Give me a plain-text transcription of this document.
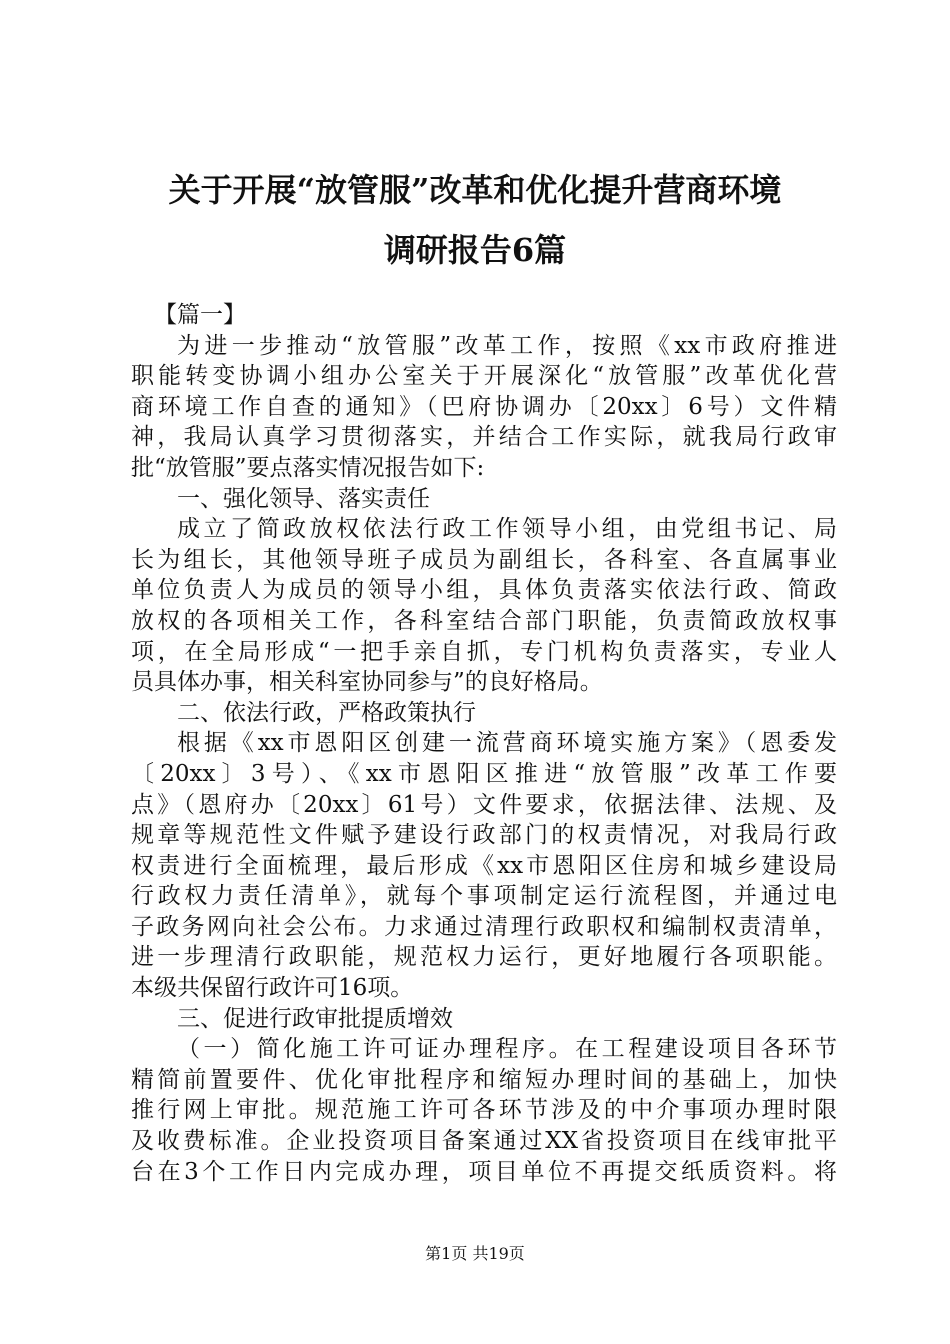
关于开展“放管服”改革和优化提升营商环境
调研报告6篇
【篇一】
为进一步推动“放管服”改革工作，按照《xx市政府推进
职能转变协调小组办公室关于开展深化“放管服”改革优化营
商环境工作自查的通知》（巴府协调办〔20xx〕6号）文件精
神，我局认真学习贯彻落实，并结合工作实际，就我局行政审
批“放管服”要点落实情况报告如下:
一、强化领导、落实责任
成立了简政放权依法行政工作领导小组，由党组书记、局
长为组长，其他领导班子成员为副组长，各科室、各直属事业
单位负责人为成员的领导小组，具体负责落实依法行政、简政
放权的各项相关工作，各科室结合部门职能，负责简政放权事
项，在全局形成“一把手亲自抓，专门机构负责落实，专业人
员具体办事，相关科室协同参与”的良好格局。
二、依法行政，严格政策执行
根据《xx市恩阳区创建一流营商环境实施方案》（恩委发
〔20xx〕3号）、《xx市恩阳区推进“放管服”改革工作要
点》（恩府办〔20xx〕61号）文件要求，依据法律、法规、及
规章等规范性文件赋予建设行政部门的权责情况，对我局行政
权责进行全面梳理，最后形成《xx市恩阳区住房和城乡建设局
行政权力责任清单》，就每个事项制定运行流程图，并通过电
子政务网向社会公布。力求通过清理行政职权和编制权责清单，
进一步理清行政职能，规范权力运行，更好地履行各项职能。
本级共保留行政许可16项。
三、促进行政审批提质增效
（一）简化施工许可证办理程序。在工程建设项目各环节
精简前置要件、优化审批程序和缩短办理时间的基础上，加快
推行网上审批。规范施工许可各环节涉及的中介事项办理时限
及收费标准。企业投资项目备案通过XX省投资项目在线审批平
台在3个工作日内完成办理，项目单位不再提交纸质资料。将
第1页 共19页
